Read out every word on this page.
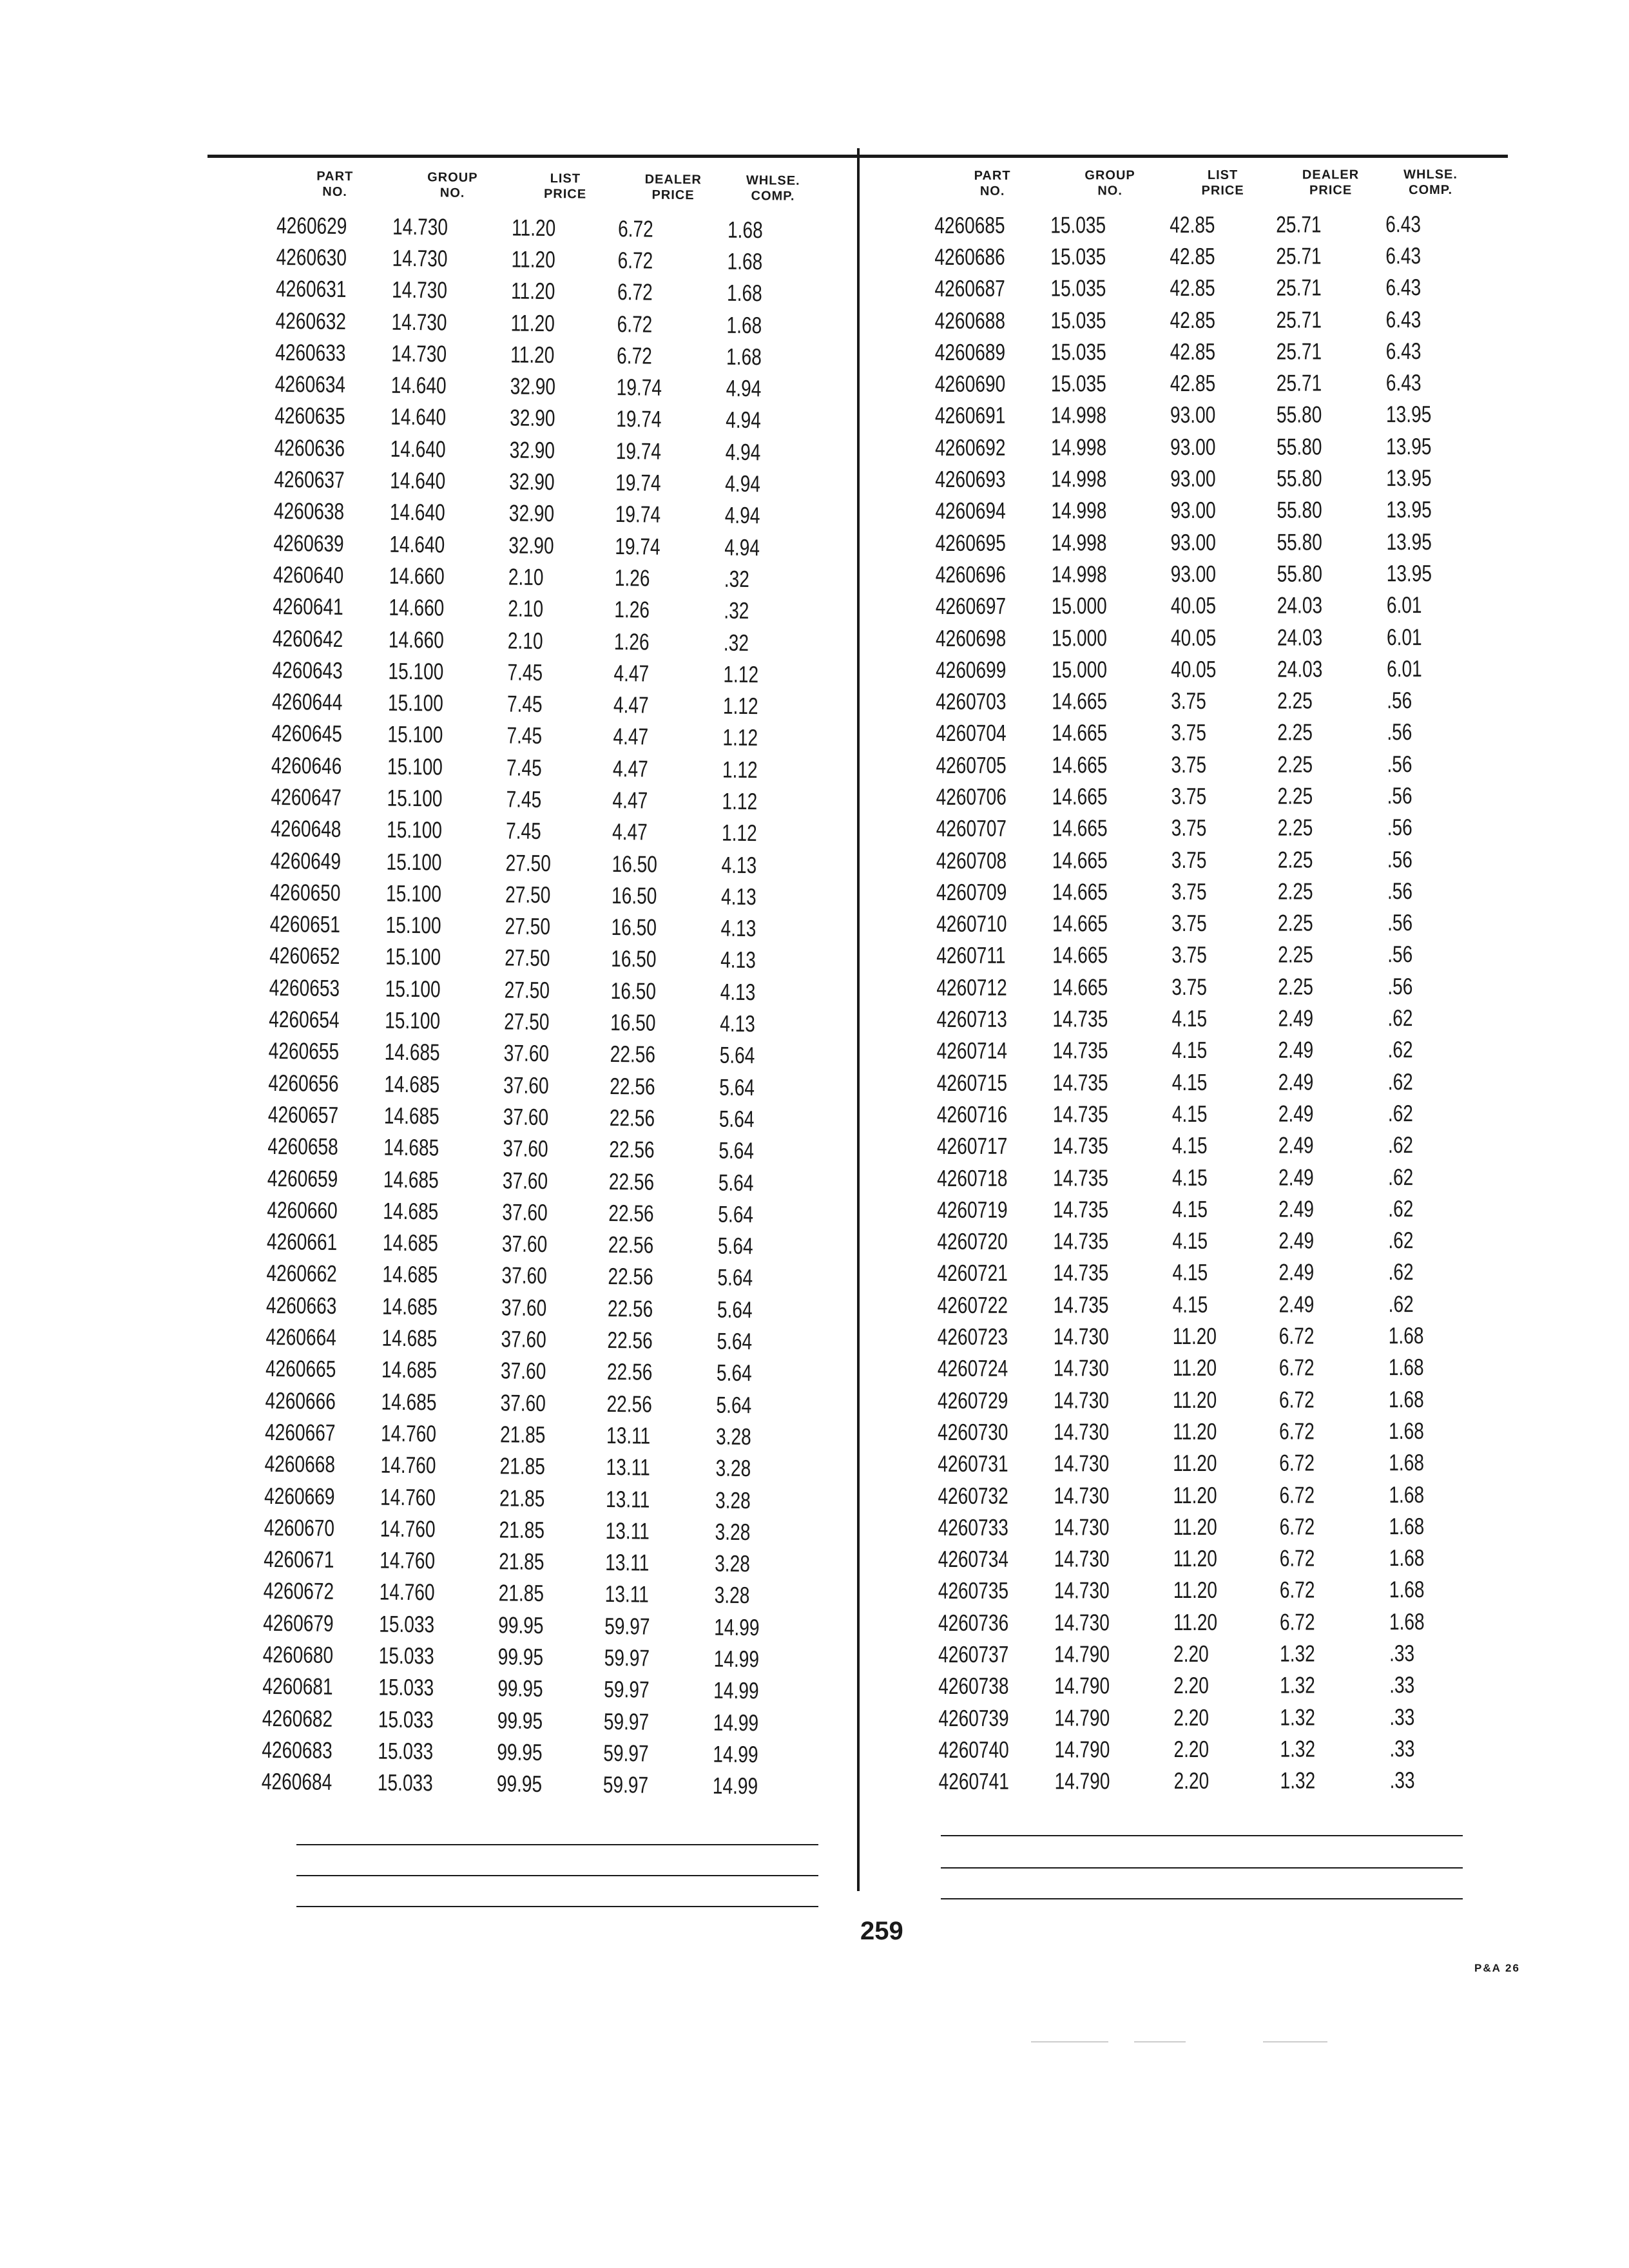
PART
NO.
GROUP
NO.
LIST
PRICE
DEALER
PRICE
WHLSE.
COMP.
4260629	14.730	11.20	6.72	1.68
4260630	14.730	11.20	6.72	1.68
4260631	14.730	11.20	6.72	1.68
4260632	14.730	11.20	6.72	1.68
4260633	14.730	11.20	6.72	1.68
4260634	14.640	32.90	19.74	4.94
4260635	14.640	32.90	19.74	4.94
4260636	14.640	32.90	19.74	4.94
4260637	14.640	32.90	19.74	4.94
4260638	14.640	32.90	19.74	4.94
4260639	14.640	32.90	19.74	4.94
4260640	14.660	2.10	1.26	.32
4260641	14.660	2.10	1.26	.32
4260642	14.660	2.10	1.26	.32
4260643	15.100	7.45	4.47	1.12
4260644	15.100	7.45	4.47	1.12
4260645	15.100	7.45	4.47	1.12
4260646	15.100	7.45	4.47	1.12
4260647	15.100	7.45	4.47	1.12
4260648	15.100	7.45	4.47	1.12
4260649	15.100	27.50	16.50	4.13
4260650	15.100	27.50	16.50	4.13
4260651	15.100	27.50	16.50	4.13
4260652	15.100	27.50	16.50	4.13
4260653	15.100	27.50	16.50	4.13
4260654	15.100	27.50	16.50	4.13
4260655	14.685	37.60	22.56	5.64
4260656	14.685	37.60	22.56	5.64
4260657	14.685	37.60	22.56	5.64
4260658	14.685	37.60	22.56	5.64
4260659	14.685	37.60	22.56	5.64
4260660	14.685	37.60	22.56	5.64
4260661	14.685	37.60	22.56	5.64
4260662	14.685	37.60	22.56	5.64
4260663	14.685	37.60	22.56	5.64
4260664	14.685	37.60	22.56	5.64
4260665	14.685	37.60	22.56	5.64
4260666	14.685	37.60	22.56	5.64
4260667	14.760	21.85	13.11	3.28
4260668	14.760	21.85	13.11	3.28
4260669	14.760	21.85	13.11	3.28
4260670	14.760	21.85	13.11	3.28
4260671	14.760	21.85	13.11	3.28
4260672	14.760	21.85	13.11	3.28
4260679	15.033	99.95	59.97	14.99
4260680	15.033	99.95	59.97	14.99
4260681	15.033	99.95	59.97	14.99
4260682	15.033	99.95	59.97	14.99
4260683	15.033	99.95	59.97	14.99
4260684	15.033	99.95	59.97	14.99
PART
NO.
GROUP
NO.
LIST
PRICE
DEALER
PRICE
WHLSE.
COMP.
4260685	15.035	42.85	25.71	6.43
4260686	15.035	42.85	25.71	6.43
4260687	15.035	42.85	25.71	6.43
4260688	15.035	42.85	25.71	6.43
4260689	15.035	42.85	25.71	6.43
4260690	15.035	42.85	25.71	6.43
4260691	14.998	93.00	55.80	13.95
4260692	14.998	93.00	55.80	13.95
4260693	14.998	93.00	55.80	13.95
4260694	14.998	93.00	55.80	13.95
4260695	14.998	93.00	55.80	13.95
4260696	14.998	93.00	55.80	13.95
4260697	15.000	40.05	24.03	6.01
4260698	15.000	40.05	24.03	6.01
4260699	15.000	40.05	24.03	6.01
4260703	14.665	3.75	2.25	.56
4260704	14.665	3.75	2.25	.56
4260705	14.665	3.75	2.25	.56
4260706	14.665	3.75	2.25	.56
4260707	14.665	3.75	2.25	.56
4260708	14.665	3.75	2.25	.56
4260709	14.665	3.75	2.25	.56
4260710	14.665	3.75	2.25	.56
4260711	14.665	3.75	2.25	.56
4260712	14.665	3.75	2.25	.56
4260713	14.735	4.15	2.49	.62
4260714	14.735	4.15	2.49	.62
4260715	14.735	4.15	2.49	.62
4260716	14.735	4.15	2.49	.62
4260717	14.735	4.15	2.49	.62
4260718	14.735	4.15	2.49	.62
4260719	14.735	4.15	2.49	.62
4260720	14.735	4.15	2.49	.62
4260721	14.735	4.15	2.49	.62
4260722	14.735	4.15	2.49	.62
4260723	14.730	11.20	6.72	1.68
4260724	14.730	11.20	6.72	1.68
4260729	14.730	11.20	6.72	1.68
4260730	14.730	11.20	6.72	1.68
4260731	14.730	11.20	6.72	1.68
4260732	14.730	11.20	6.72	1.68
4260733	14.730	11.20	6.72	1.68
4260734	14.730	11.20	6.72	1.68
4260735	14.730	11.20	6.72	1.68
4260736	14.730	11.20	6.72	1.68
4260737	14.790	2.20	1.32	.33
4260738	14.790	2.20	1.32	.33
4260739	14.790	2.20	1.32	.33
4260740	14.790	2.20	1.32	.33
4260741	14.790	2.20	1.32	.33
259
P&A 26
